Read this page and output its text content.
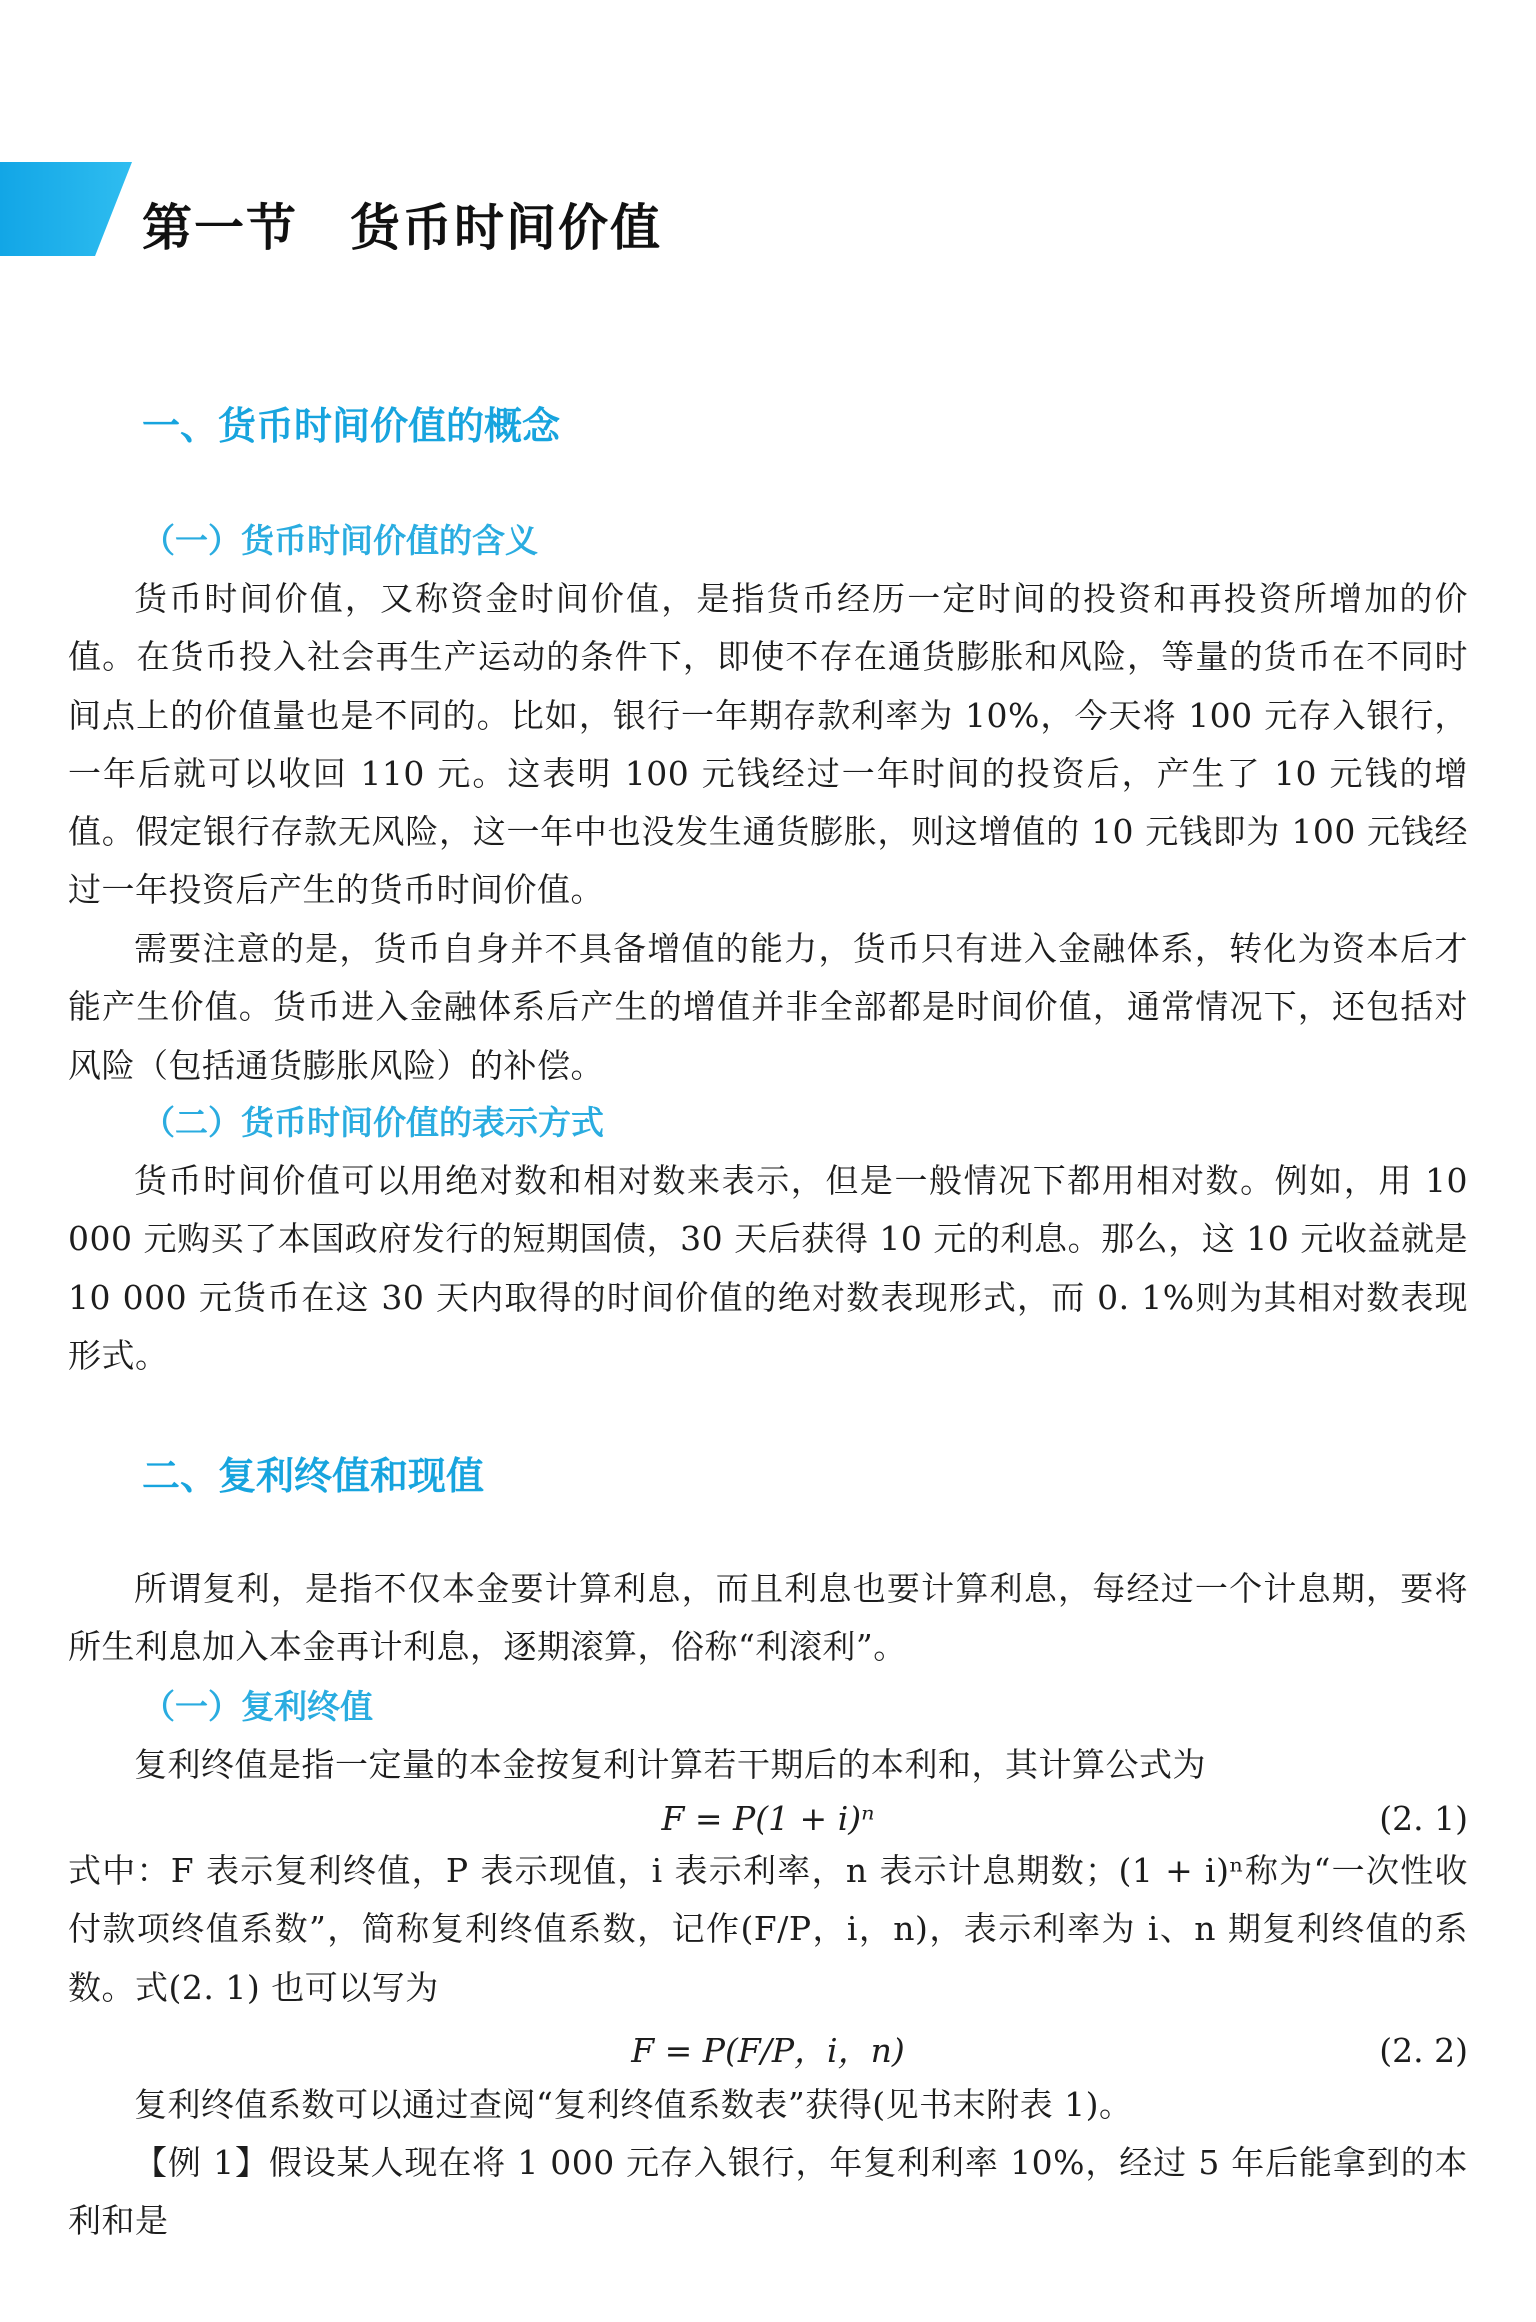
第一节　货币时间价值
一、货币时间价值的概念
（一）货币时间价值的含义

货币时间价值，又称资金时间价值，是指货币经历一定时间的投资和再投资所增加的价值。在货币投入社会再生产运动的条件下，即使不存在通货膨胀和风险，等量的货币在不同时间点上的价值量也是不同的。比如，银行一年期存款利率为 10%，今天将 100 元存入银行，一年后就可以收回 110 元。这表明 100 元钱经过一年时间的投资后，产生了 10 元钱的增值。假定银行存款无风险，这一年中也没发生通货膨胀，则这增值的 10 元钱即为 100 元钱经过一年投资后产生的货币时间价值。

需要注意的是，货币自身并不具备增值的能力，货币只有进入金融体系，转化为资本后才能产生价值。货币进入金融体系后产生的增值并非全部都是时间价值，通常情况下，还包括对风险（包括通货膨胀风险）的补偿。

（二）货币时间价值的表示方式

货币时间价值可以用绝对数和相对数来表示，但是一般情况下都用相对数。例如，用 10 000 元购买了本国政府发行的短期国债，30 天后获得 10 元的利息。那么，这 10 元收益就是 10 000 元货币在这 30 天内取得的时间价值的绝对数表现形式，而 0. 1%则为其相对数表现形式。

二、复利终值和现值

所谓复利，是指不仅本金要计算利息，而且利息也要计算利息，每经过一个计息期，要将所生利息加入本金再计利息，逐期滚算，俗称“利滚利”。

（一）复利终值

复利终值是指一定量的本金按复利计算若干期后的本利和，其计算公式为

F = P(1 + i)ⁿ	(2. 1)

式中：F 表示复利终值，P 表示现值，i 表示利率，n 表示计息期数；(1 + i)ⁿ称为“一次性收付款项终值系数”，简称复利终值系数，记作(F/P，i，n)，表示利率为 i、n 期复利终值的系数。式(2. 1) 也可以写为

F = P(F/P，i，n)	(2. 2)

复利终值系数可以通过查阅“复利终值系数表”获得(见书末附表 1)。

【例 1】假设某人现在将 1 000 元存入银行，年复利利率 10%，经过 5 年后能拿到的本利和是
